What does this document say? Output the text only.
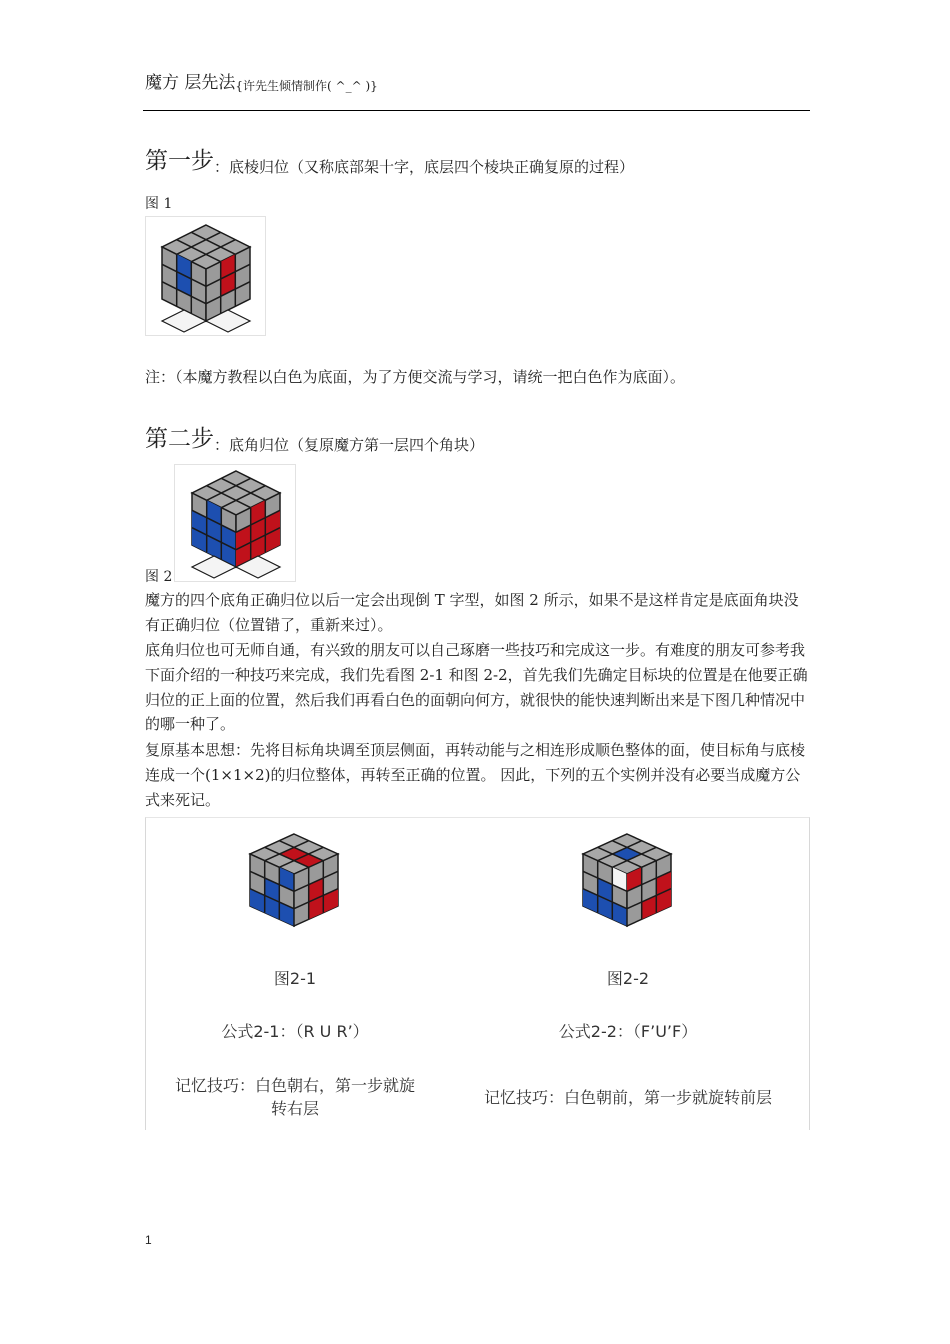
魔方 层先法{许先生倾情制作( ^_^ )}
第一步：底棱归位（又称底部架十字，底层四个棱块正确复原的过程）
图 1
注：（本魔方教程以白色为底面，为了方便交流与学习，请统一把白色作为底面）。
第二步：底角归位（复原魔方第一层四个角块）
图 2
魔方的四个底角正确归位以后一定会出现倒 T 字型，如图 2 所示，如果不是这样肯定是底面角块没有正确归位（位置错了，重新来过）。
底角归位也可无师自通，有兴致的朋友可以自己琢磨一些技巧和完成这一步。有难度的朋友可参考我下面介绍的一种技巧来完成，我们先看图 2-1 和图 2-2，首先我们先确定目标块的位置是在他要正确归位的正上面的位置，然后我们再看白色的面朝向何方，就很快的能快速判断出来是下图几种情况中的哪一种了。
复原基本思想：先将目标角块调至顶层侧面，再转动能与之相连形成顺色整体的面，使目标角与底棱连成一个(1×1×2)的归位整体，再转至正确的位置。 因此，下列的五个实例并没有必要当成魔方公式来死记。
图2-1
公式2-1：（R U R’）
记忆技巧：白色朝右，第一步就旋
转右层
图2-2
公式2-2：（F’U’F）
记忆技巧：白色朝前，第一步就旋转前层
1
